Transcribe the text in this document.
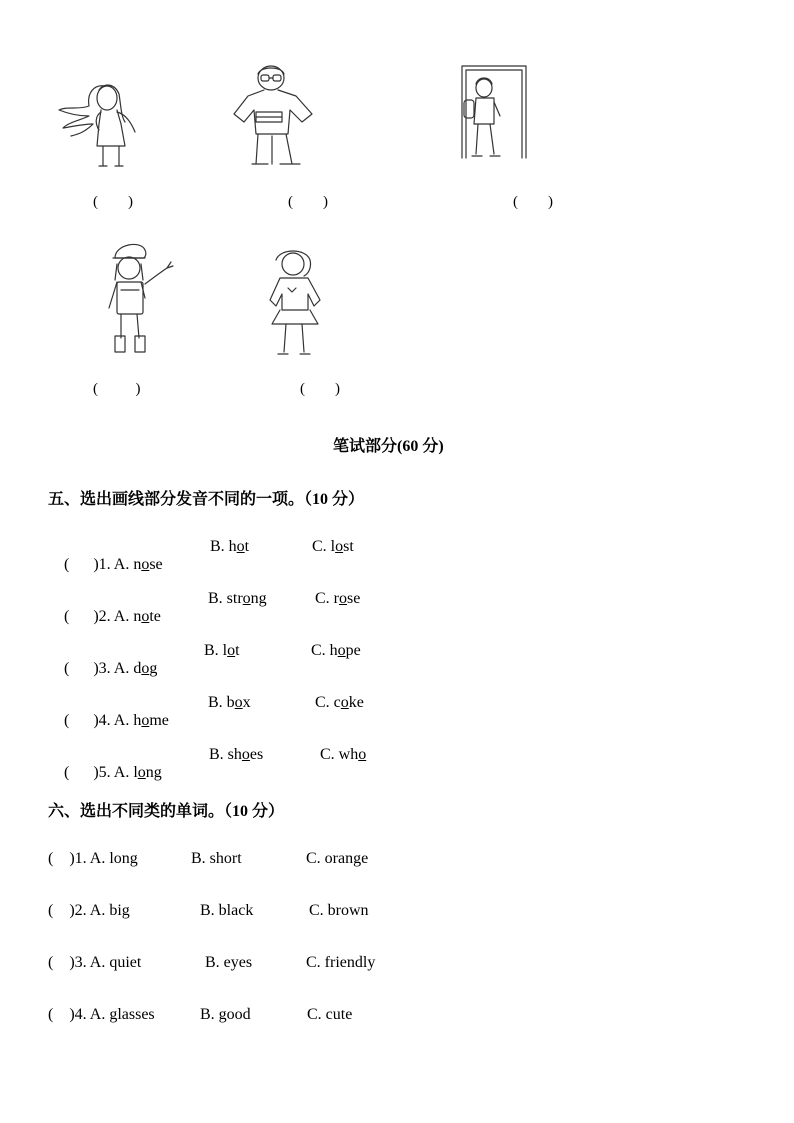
(        )	(        )	(        )
(          )	(        )
笔试部分(60 分)
五、选出画线部分发音不同的一项。（10 分）

(      )1. A. nose

B. hot	C. lost

(      )2. A. note

B. strong	C. rose

(      )3. A. dog

B. lot	C. hope

(      )4. A. home

B. box	C. coke

(      )5. A. long

B. shoes	C. who
六、选出不同类的单词。（10 分）
(    )1. A. long	B. short	C. orange
(    )2. A. big	B. black	C. brown
(    )3. A. quiet	B. eyes	C. friendly
(    )4. A. glasses	B. good	C. cute
